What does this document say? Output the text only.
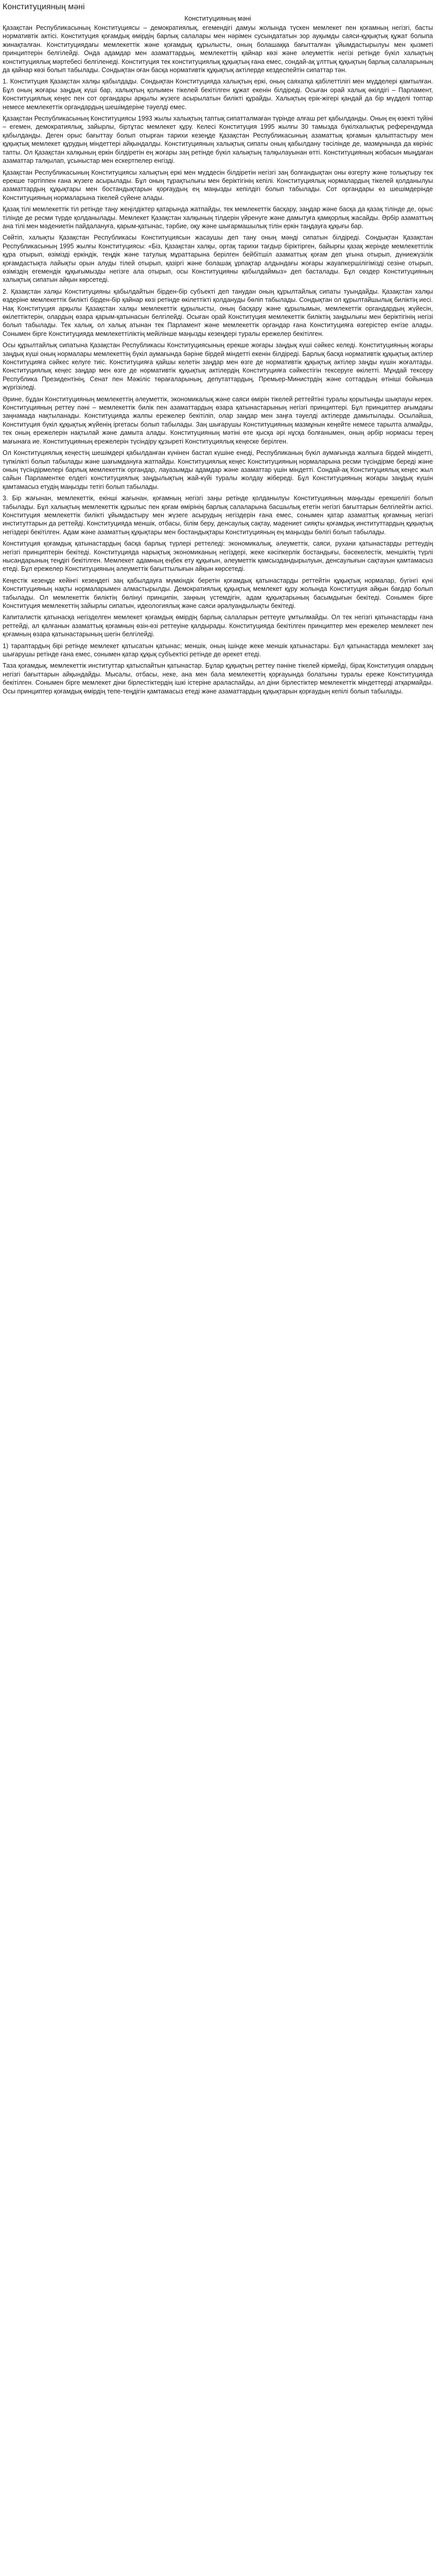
Конституцияның мәні
Конституцияның мәні

Қазақстан Республикасының Конституциясы – демократиялық, егемендігі дамуы жолында түскен мемлекет пен қоғамның негізгі, басты нормативтік актісі. Конституция қоғамдық өмірдің барлық салалары мен нәрімен сусындататын зор ауқымды саяси-құқықтық құжат болыпа жинақталған. Конституциядағы мемлекеттік және қоғамдық құрылысты, оның болашаққа бағытталған ұйымдастырылуы мен қызметі принциптерін белгілейді. Онда адамдар мен азаматтардың, мемлекеттің қайнар көзі және әлеуметтік негізі ретінде бүкіл халықтың конституциялық мәртебесі белгіленеді. Конституция тек конституциялық құқықтың ғана емес, сондай-ақ ұлттық құқықтың барлық салаларының да қайнар көзі болып табылады. Сондықтан оған басқа нормативтік құқықтық актілерде кездеспейтін сипаттар тән.

1. Конституция Қазақстан халқы қабылдады. Сондықтан Конституцияда халықтың еркі, оның саяхатқа қабілеттілігі мен мүдделері қамтылған. Бұл оның жоғары заңдық күші бар, халықтың қолымен тікелей бекітілген құжат екенін білдіреді. Осыған орай халық өкілдігі – Парламент, Конституциялық кеңес пен сот органдары арқылы жүзеге асырылатын билікті құрайды. Халықтың ерік-жігері қандай да бір мүдделі топтар немесе мемлекеттік органдардың шешімдеріне тәуелді емес.

Қазақстан Республикасының Конституциясы 1993 жылы халықтың таптық сипатталмаған түрінде алғаш рет қабылданды. Оның ең өзекті түйіні – егемен, демократиялық, зайырлы, біртұтас мемлекет құру. Келесі Конституция 1995 жылғы 30 тамызда бүкілхалықтық референдумда қабылданды. Деген орыс бағыттау болып отырған тарихи кезеңде Қазақстан Республикасының азаматтық қоғамын қалыптастыру мен құқықтық мемлекет құрудың міндеттері айқындалды. Конституцияның халықтық сипаты оның қабылдану тәсілінде де, мазмұнында да көрініс тапты. Ол Қазақстан халқының еркін білдіретін ең жоғары заң ретінде бүкіл халықтың талқылауынан өтті. Конституцияның жобасын мыңдаған азаматтар талқылап, ұсыныстар мен ескертпелер енгізді.

Қазақстан Республикасының Конституциясы халықтың еркі мен мүддесін білдіретін негізгі заң болғандықтан оны өзгерту және толықтыру тек ерекше тәртіппен ғана жүзеге асырылады. Бұл оның тұрақтылығы мен беріктігінің кепілі. Конституциялық нормалардың тікелей қолданылуы азаматтардың құқықтары мен бостандықтарын қорғаудың ең маңызды кепілдігі болып табылады. Сот органдары өз шешімдерінде Конституцияның нормаларына тікелей сүйене алады.

Қазақ тілі мемлекеттік тіл ретінде таңу жеңілдіктер қатарында жатпайды, тек мемлекеттік басқару, заңдар және басқа да қазақ тілінде де, орыс тілінде де ресми түрде қолданылады. Мемлекет Қазақстан халқының тілдерін үйренуге және дамытуға қамқорлық жасайды. Әрбір азаматтың ана тілі мен мәдениетін пайдалануға, қарым-қатынас, тәрбие, оқу және шығармашылық тілін еркін таңдауға құқығы бар.

Сөйтіп, халықты Қазақстан Республикасы Конституциясын жасаушы деп тану оның мәнді сипатын білдіреді. Сондықтан Қазақстан Республикасының 1995 жылғы Конституциясы: «Біз, Қазақстан халқы, ортақ тарихи тағдыр біріктірген, байырғы қазақ жерінде мемлекеттілік құра отырып, өзімізді еркіндік, теңдік және татулық мұраттарына берілген бейбітшіл азаматтық қоғам деп ұғына отырып, дүниежүзілік қоғамдастықта лайықты орын алуды тілей отырып, қазіргі және болашақ ұрпақтар алдындағы жоғары жауапкершілігімізді сезіне отырып, өзіміздің егемендік құқығымызды негізге ала отырып, осы Конституцияны қабылдаймыз» деп басталады. Бұл сөздер Конституцияның халықтық сипатын айқын көрсетеді.

2. Қазақстан халқы Конституцияны қабылдайтын бірден-бір субъекті деп танудан оның құрылтайлық сипаты туындайды. Қазақстан халқы өздеріне мемлекеттік билікті бірден-бір қайнар көзі ретінде өкілеттікті қолдануды бөліп табылады. Сондықтан ол құрылтайшылық биліктің иесі. Нақ Конституция арқылы Қазақстан халқы мемлекеттік құрылысты, оның басқару және құрылымын, мемлекеттік органдардың жүйесін, өкілеттіктерін, олардың өзара қарым-қатынасын белгілейді. Осыған орай Конституция мемлекеттік биліктің заңдылығы мен беріктігінің негізі болып табылады. Тек халық, ол халық атынан тек Парламент және мемлекеттік органдар ғана Конституцияға өзгерістер енгізе алады. Сонымен бірге Конституцияда мемлекеттіліктің мейілінше маңызды кезеңдері туралы ережелер бекітілген.

Осы құрылтайлық сипатына Қазақстан Республикасы Конституциясының ерекше жоғары заңдық күші сәйкес келеді. Конституцияның жоғары заңдық күші оның нормалары мемлекеттің бүкіл аумағында бәріне бірдей міндетті екенін білдіреді. Барлық басқа нормативтік құқықтық актілер Конституцияға сәйкес келуге тиіс. Конституцияға қайшы келетін заңдар мен өзге де нормативтік құқықтық актілер заңды күшін жоғалтады. Конституциялық кеңес заңдар мен өзге де нормативтік құқықтық актілердің Конституцияға сәйкестігін тексеруге өкілетті. Мұндай тексеру Республика Президентінің, Сенат пен Мәжіліс төрағаларының, депутаттардың, Премьер-Министрдің және соттардың өтініші бойынша жүргізіледі.

Әрине, бұдан Конституцияның мемлекеттің әлеуметтік, экономикалық және саяси өмірін тікелей реттейтіні туралы қорытынды шықпауы керек. Конституцияның реттеу пәні – мемлекеттік билік пен азаматтардың өзара қатынастарының негізгі принциптері. Бұл принциптер ағымдағы заңнамада нақтыланады. Конституцияда жалпы ережелер бекітіліп, олар заңдар мен заңға тәуелді актілерде дамытылады. Осылайша, Конституция бүкіл құқықтық жүйенің іргетасы болып табылады. Заң шығарушы Конституцияның мазмұнын кеңейте немесе тарылта алмайды, тек оның ережелерін нақтылай және дамыта алады. Конституцияның мәтіні өте қысқа әрі нұсқа болғанымен, оның әрбір нормасы терең мағынаға ие. Конституцияның ережелерін түсіндіру құзыреті Конституциялық кеңеске берілген.

Ол Конституциялық кеңестің шешімдері қабылданған күнінен бастап күшіне енеді, Республиканың бүкіл аумағында жалпыға бірдей міндетті, түпкілікті болып табылады және шағымдануға жатпайды. Конституциялық кеңес Конституцияның нормаларына ресми түсіндірме береді және оның түсіндірмелері барлық мемлекеттік органдар, лауазымды адамдар және азаматтар үшін міндетті. Сондай-ақ Конституциялық кеңес жыл сайын Парламентке елдегі конституциялық заңдылықтың жай-күйі туралы жолдау жібереді. Бұл Конституцияның жоғары заңдық күшін қамтамасыз етудің маңызды тетігі болып табылады.

3. Бір жағынан, мемлекеттік, екінші жағынан, қоғамның негізгі заңы ретінде қолданылуы Конституцияның маңызды ерекшелігі болып табылады. Бұл халықтың мемлекеттік құрылыс пен қоғам өмірінің барлық салаларына басшылық ететін негізгі бағыттарын белгілейтін актісі. Конституция мемлекеттік билікті ұйымдастыру мен жүзеге асырудың негіздерін ғана емес, сонымен қатар азаматтық қоғамның негізгі институттарын да реттейді. Конституцияда меншік, отбасы, білім беру, денсаулық сақтау, мәдениет сияқты қоғамдық институттардың құқықтық негіздері бекітілген. Адам және азаматтың құқықтары мен бостандықтары Конституцияның ең маңызды бөлігі болып табылады.

Конституция қоғамдық қатынастардың басқа барлық түрлері реттеледі: экономикалық, әлеуметтік, саяси, рухани қатынастарды реттеудің негізгі принциптерін бекітеді. Конституцияда нарықтық экономиканың негіздері, жеке кәсіпкерлік бостандығы, бәсекелестік, меншіктің түрлі нысандарының теңдігі бекітілген. Мемлекет адамның еңбек ету құқығын, әлеуметтік қамсыздандырылуын, денсаулығын сақтауын қамтамасыз етеді. Бұл ережелер Конституцияның әлеуметтік бағыттылығын айқын көрсетеді.

Кеңестік кезеңде кейінгі кезеңдегі заң қабылдауға мүмкіндік беретін қоғамдық қатынастарды реттейтін құқықтық нормалар, бүгінгі күні Конституцияның нақты нормаларымен алмастырылды. Демократиялық құқықтық мемлекет құру жолында Конституция айқын бағдар болып табылады. Ол мемлекеттік биліктің бөлінуі принципін, заңның үстемдігін, адам құқықтарының басымдығын бекітеді. Сонымен бірге Конституция мемлекеттің зайырлы сипатын, идеологиялық және саяси әралуандылықты бекітеді.

Капиталистік қатынасқа негізделген мемлекет қоғамдық өмірдің барлық салаларын реттеуге ұмтылмайды. Ол тек негізгі қатынастарды ғана реттейді, ал қалғанын азаматтық қоғамның өзін-өзі реттеуіне қалдырады. Конституцияда бекітілген принциптер мен ережелер мемлекет пен қоғамның өзара қатынастарының шегін белгілейді.

1) тараптардың бірі ретінде мемлекет қатысатын қатынас; меншік, оның ішінде жеке меншік қатынастары. Бұл қатынастарда мемлекет заң шығарушы ретінде ғана емес, сонымен қатар құқық субъектісі ретінде де әрекет етеді.

Таза қоғамдық, мемлекеттік институттар қатыспайтын қатынастар. Бұлар құқықтың реттеу пәніне тікелей кірмейді, бірақ Конституция олардың негізгі бағыттарын айқындайды. Мысалы, отбасы, неке, ана мен бала мемлекеттің қорғауында болатыны туралы ереже Конституцияда бекітілген. Сонымен бірге мемлекет діни бірлестіктердің ішкі істеріне араласпайды, ал діни бірлестіктер мемлекеттік міндеттерді атқармайды. Осы принциптер қоғамдық өмірдің тепе-теңдігін қамтамасыз етеді және азаматтардың құқықтарын қорғаудың кепілі болып табылады.
